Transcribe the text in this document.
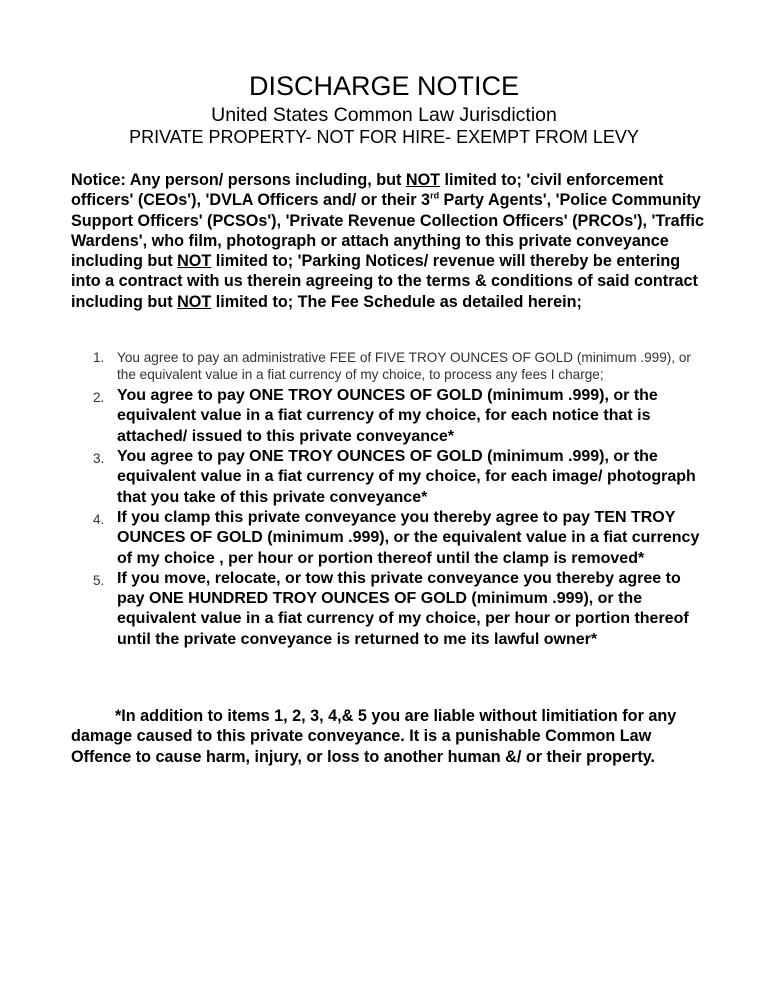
DISCHARGE NOTICE
United States Common Law Jurisdiction
PRIVATE PROPERTY- NOT FOR HIRE- EXEMPT FROM LEVY
Notice: Any person/ persons including, but NOT limited to; 'civil enforcement officers' (CEOs'), 'DVLA Officers and/ or their 3rd Party Agents', 'Police Community Support Officers' (PCSOs'), 'Private Revenue Collection Officers' (PRCOs'), 'Traffic Wardens', who film, photograph or attach anything to this private conveyance including but NOT limited to; 'Parking Notices/ revenue will thereby be entering into a contract with us therein agreeing to the terms & conditions of said contract including but NOT limited to; The Fee Schedule as detailed herein;
1. You agree to pay an administrative FEE of FIVE TROY OUNCES OF GOLD (minimum .999), or the equivalent value in a fiat currency of my choice, to process any fees I charge;
2. You agree to pay ONE TROY OUNCES OF GOLD (minimum .999), or the equivalent value in a fiat currency of my choice, for each notice that is attached/ issued to this private conveyance*
3. You agree to pay ONE TROY OUNCES OF GOLD (minimum .999), or the equivalent value in a fiat currency of my choice, for each image/ photograph that you take of this private conveyance*
4. If you clamp this private conveyance you thereby agree to pay TEN TROY OUNCES OF GOLD (minimum .999), or the equivalent value in a fiat currency of my choice , per hour or portion thereof until the clamp is removed*
5. If you move, relocate, or tow this private conveyance you thereby agree to pay ONE HUNDRED TROY OUNCES OF GOLD (minimum .999), or the equivalent value in a fiat currency of my choice, per hour or portion thereof until the private conveyance is returned to me its lawful owner*
*In addition to items 1, 2, 3, 4,& 5 you are liable without limitiation for any damage caused to this private conveyance. It is a punishable Common Law Offence to cause harm, injury, or loss to another human &/ or their property.
